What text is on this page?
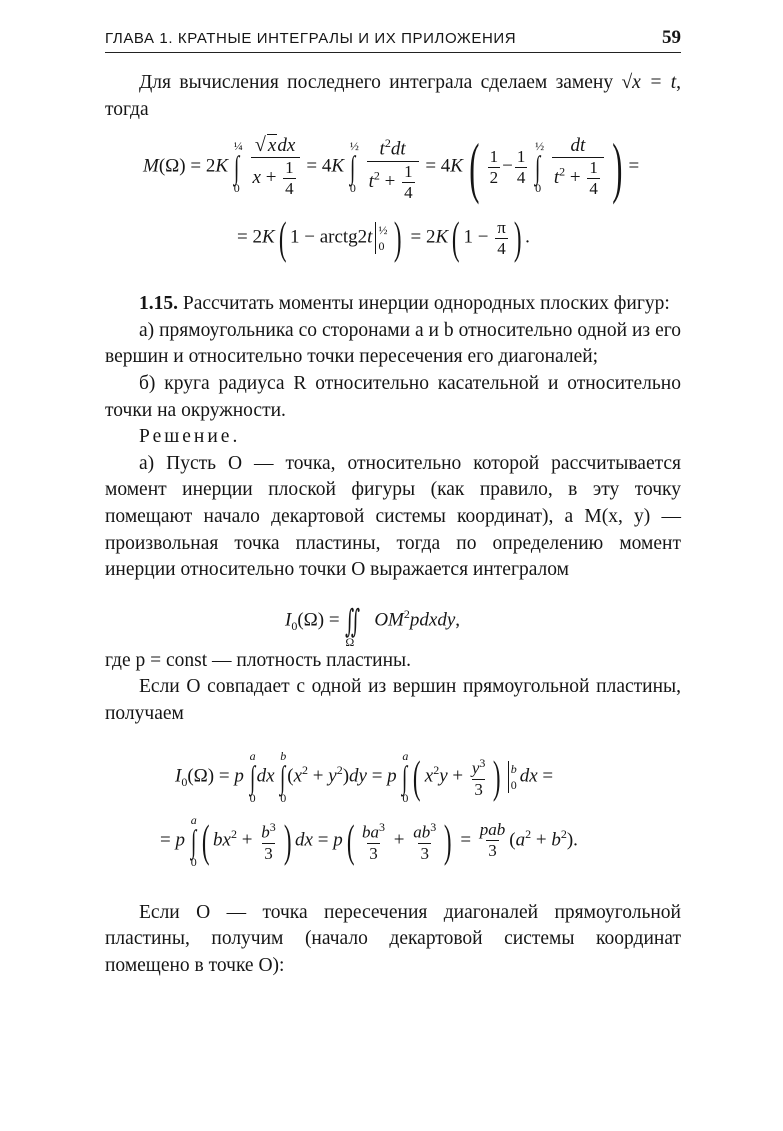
ГЛАВА 1. КРАТНЫЕ ИНТЕГРАЛЫ И ИХ ПРИЛОЖЕНИЯ	59

Для вычисления последнего интеграла сделаем замену √x = t, тогда

M(Ω) = 2K
¼
∫
0
$\frac{\text{√ xdx}}{x + \frac{1}{4}} = 4K$
½
∫
0
$\frac{t^2dt}{t^2 + \frac{1}{4}} = 4K( \frac{1}{2} - \frac{1}{4}$

½
∫
0
$\frac{dt}{t^2 + \frac{1}{4}}$ ) =
= 2K( 1 − arctg2t ½
0 ) = 2K( $1 - \frac{\pi}{4}$ ) .

1.15. Рассчитать моменты инерции однородных плоских фигур:

а) прямоугольника со сторонами a и b относительно одной из его вершин и относительно точки пересечения его диагоналей;

б) круга радиуса R относительно касательной и относительно точки на окружности.

Решение.

а) Пусть O — точка, относительно которой рассчитывается момент инерции плоской фигуры (как правило, в эту точку помещают начало декартовой системы координат), а M(x, y) — произвольная точка пластины, тогда по определению момент инерции относительно точки O выражается интегралом

$I_0(\Omega)$ =
∬
Ω
$OM^2pdxdy$,

где p = const — плотность пластины.

Если O совпадает с одной из вершин прямоугольной пластины, получаем

$I_0(\Omega) = p$
a
∫
0
dx
b
∫
0
$(x^2 + y^2)dy = p$
a
∫
0 ( $x^2y + \frac{y^3}{3}$ ) b
0 dx =
= p
a
∫
0 ( $bx^2 + \frac{b^3}{3}$ ) dx = $p( \frac{ba^3}{3} + \frac{ab^3}{3}$ ) = $\frac{\text{pab}}{3} (a^2 + b^2)$.

Если O — точка пересечения диагоналей прямоугольной пластины, получим (начало декартовой системы координат помещено в точке O):
